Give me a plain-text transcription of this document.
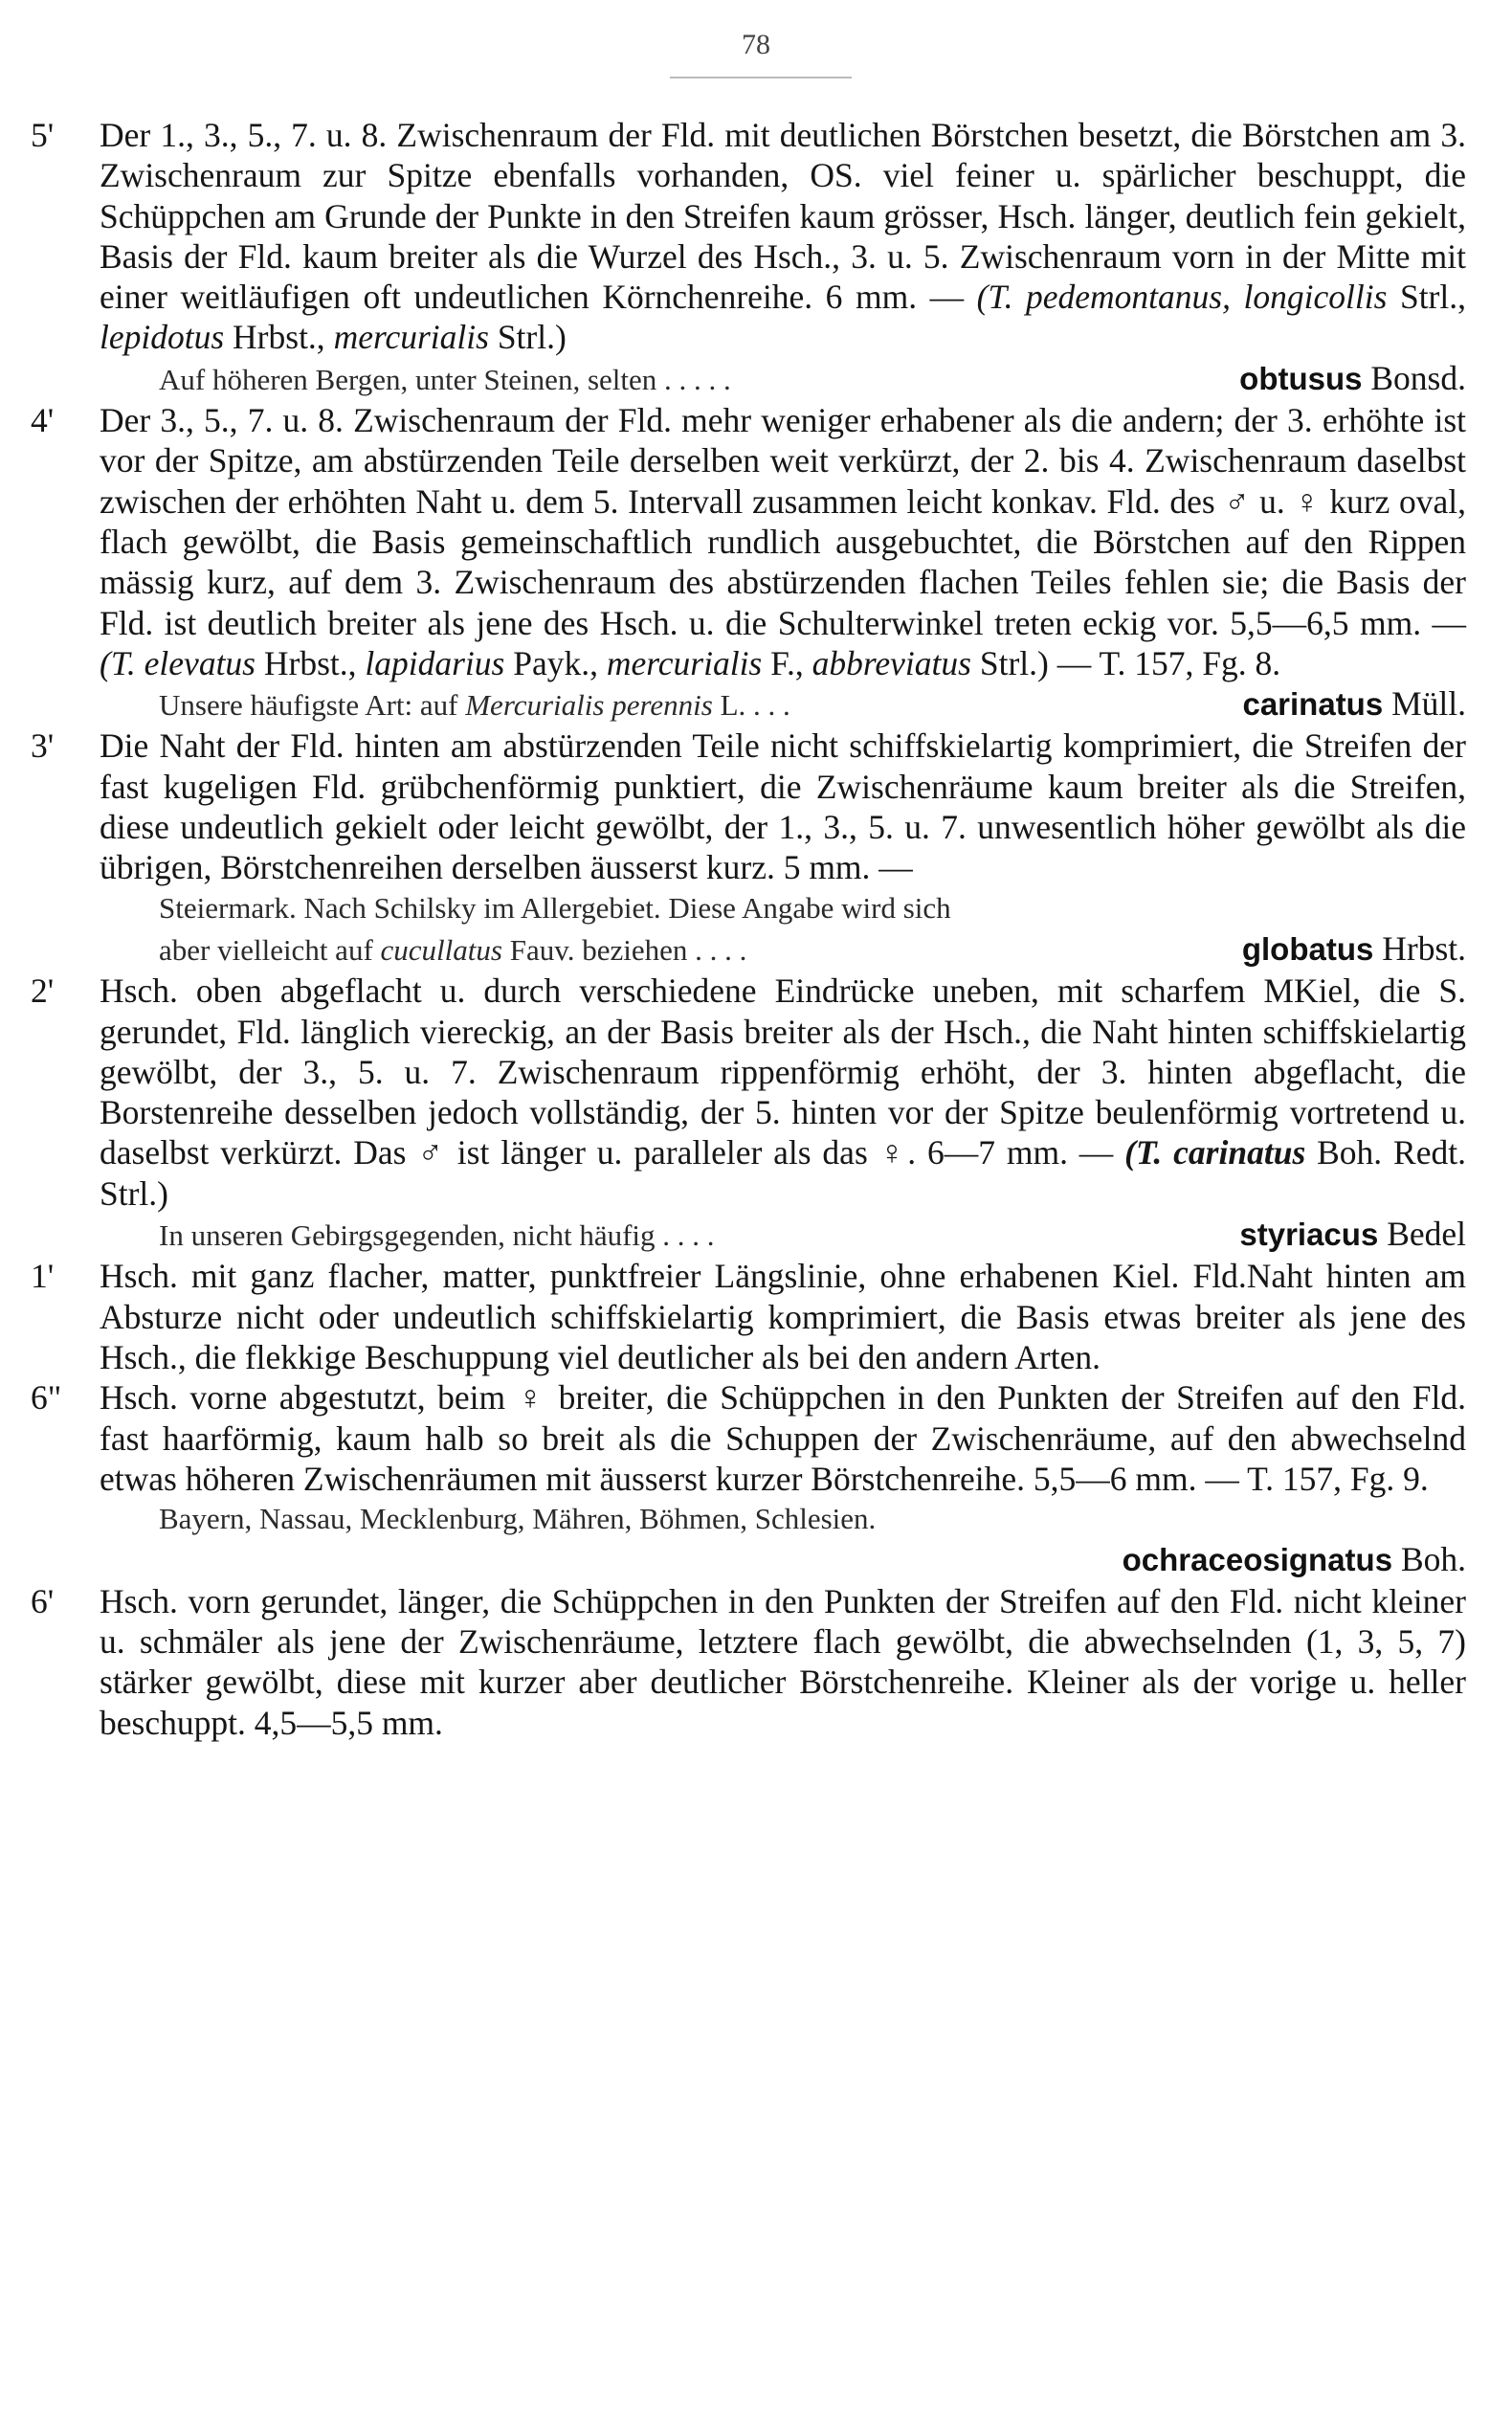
78
5'	Der 1., 3., 5., 7. u. 8. Zwischenraum der Fld. mit deutlichen Börstchen besetzt, die Börstchen am 3. Zwischenraum zur Spitze ebenfalls vorhanden, OS. viel feiner u. spärlicher beschuppt, die Schüppchen am Grunde der Punkte in den Streifen kaum grösser, Hsch. länger, deutlich fein gekielt, Basis der Fld. kaum breiter als die Wurzel des Hsch., 3. u. 5. Zwischenraum vorn in der Mitte mit einer weitläufigen oft undeutlichen Körnchenreihe. 6 mm. — (T. pedemontanus, longicollis Strl., lepidotus Hrbst., mercurialis Strl.)
Auf höheren Bergen, unter Steinen, selten . . . . .	obtusus Bonsd.
4'	Der 3., 5., 7. u. 8. Zwischenraum der Fld. mehr weniger erhabener als die andern; der 3. erhöhte ist vor der Spitze, am abstürzenden Teile derselben weit verkürzt, der 2. bis 4. Zwischenraum daselbst zwischen der erhöhten Naht u. dem 5. Intervall zusammen leicht konkav. Fld. des ♂ u. ♀ kurz oval, flach gewölbt, die Basis gemeinschaftlich rundlich ausgebuchtet, die Börstchen auf den Rippen mässig kurz, auf dem 3. Zwischenraum des abstürzenden flachen Teiles fehlen sie; die Basis der Fld. ist deutlich breiter als jene des Hsch. u. die Schulterwinkel treten eckig vor. 5,5—6,5 mm. — (T. elevatus Hrbst., lapidarius Payk., mercurialis F., abbreviatus Strl.) — T. 157, Fg. 8.
Unsere häufigste Art: auf Mercurialis perennis L. . . .	carinatus Müll.
3'	Die Naht der Fld. hinten am abstürzenden Teile nicht schiffskielartig komprimiert, die Streifen der fast kugeligen Fld. grübchenförmig punktiert, die Zwischenräume kaum breiter als die Streifen, diese undeutlich gekielt oder leicht gewölbt, der 1., 3., 5. u. 7. unwesentlich höher gewölbt als die übrigen, Börstchenreihen derselben äusserst kurz. 5 mm. —
Steiermark. Nach Schilsky im Allergebiet. Diese Angabe wird sich
aber vielleicht auf cucullatus Fauv. beziehen . . . .	globatus Hrbst.
2'	Hsch. oben abgeflacht u. durch verschiedene Eindrücke uneben, mit scharfem MKiel, die S. gerundet, Fld. länglich viereckig, an der Basis breiter als der Hsch., die Naht hinten schiffskielartig gewölbt, der 3., 5. u. 7. Zwischenraum rippenförmig erhöht, der 3. hinten abgeflacht, die Borstenreihe desselben jedoch vollständig, der 5. hinten vor der Spitze beulenförmig vortretend u. daselbst verkürzt. Das ♂ ist länger u. paralleler als das ♀. 6—7 mm. — (T. carinatus Boh. Redt. Strl.)
In unseren Gebirgsgegenden, nicht häufig . . . .	styriacus Bedel
1'	Hsch. mit ganz flacher, matter, punktfreier Längslinie, ohne erhabenen Kiel. Fld.Naht hinten am Absturze nicht oder undeutlich schiffskielartig komprimiert, die Basis etwas breiter als jene des Hsch., die flekkige Beschuppung viel deutlicher als bei den andern Arten.
6"	Hsch. vorne abgestutzt, beim ♀ breiter, die Schüppchen in den Punkten der Streifen auf den Fld. fast haarförmig, kaum halb so breit als die Schuppen der Zwischenräume, auf den abwechselnd etwas höheren Zwischenräumen mit äusserst kurzer Börstchenreihe. 5,5—6 mm. — T. 157, Fg. 9.
Bayern, Nassau, Mecklenburg, Mähren, Böhmen, Schlesien.
ochraceosignatus Boh.
6'	Hsch. vorn gerundet, länger, die Schüppchen in den Punkten der Streifen auf den Fld. nicht kleiner u. schmäler als jene der Zwischenräume, letztere flach gewölbt, die abwechselnden (1, 3, 5, 7) stärker gewölbt, diese mit kurzer aber deutlicher Börstchenreihe. Kleiner als der vorige u. heller beschuppt. 4,5—5,5 mm.
